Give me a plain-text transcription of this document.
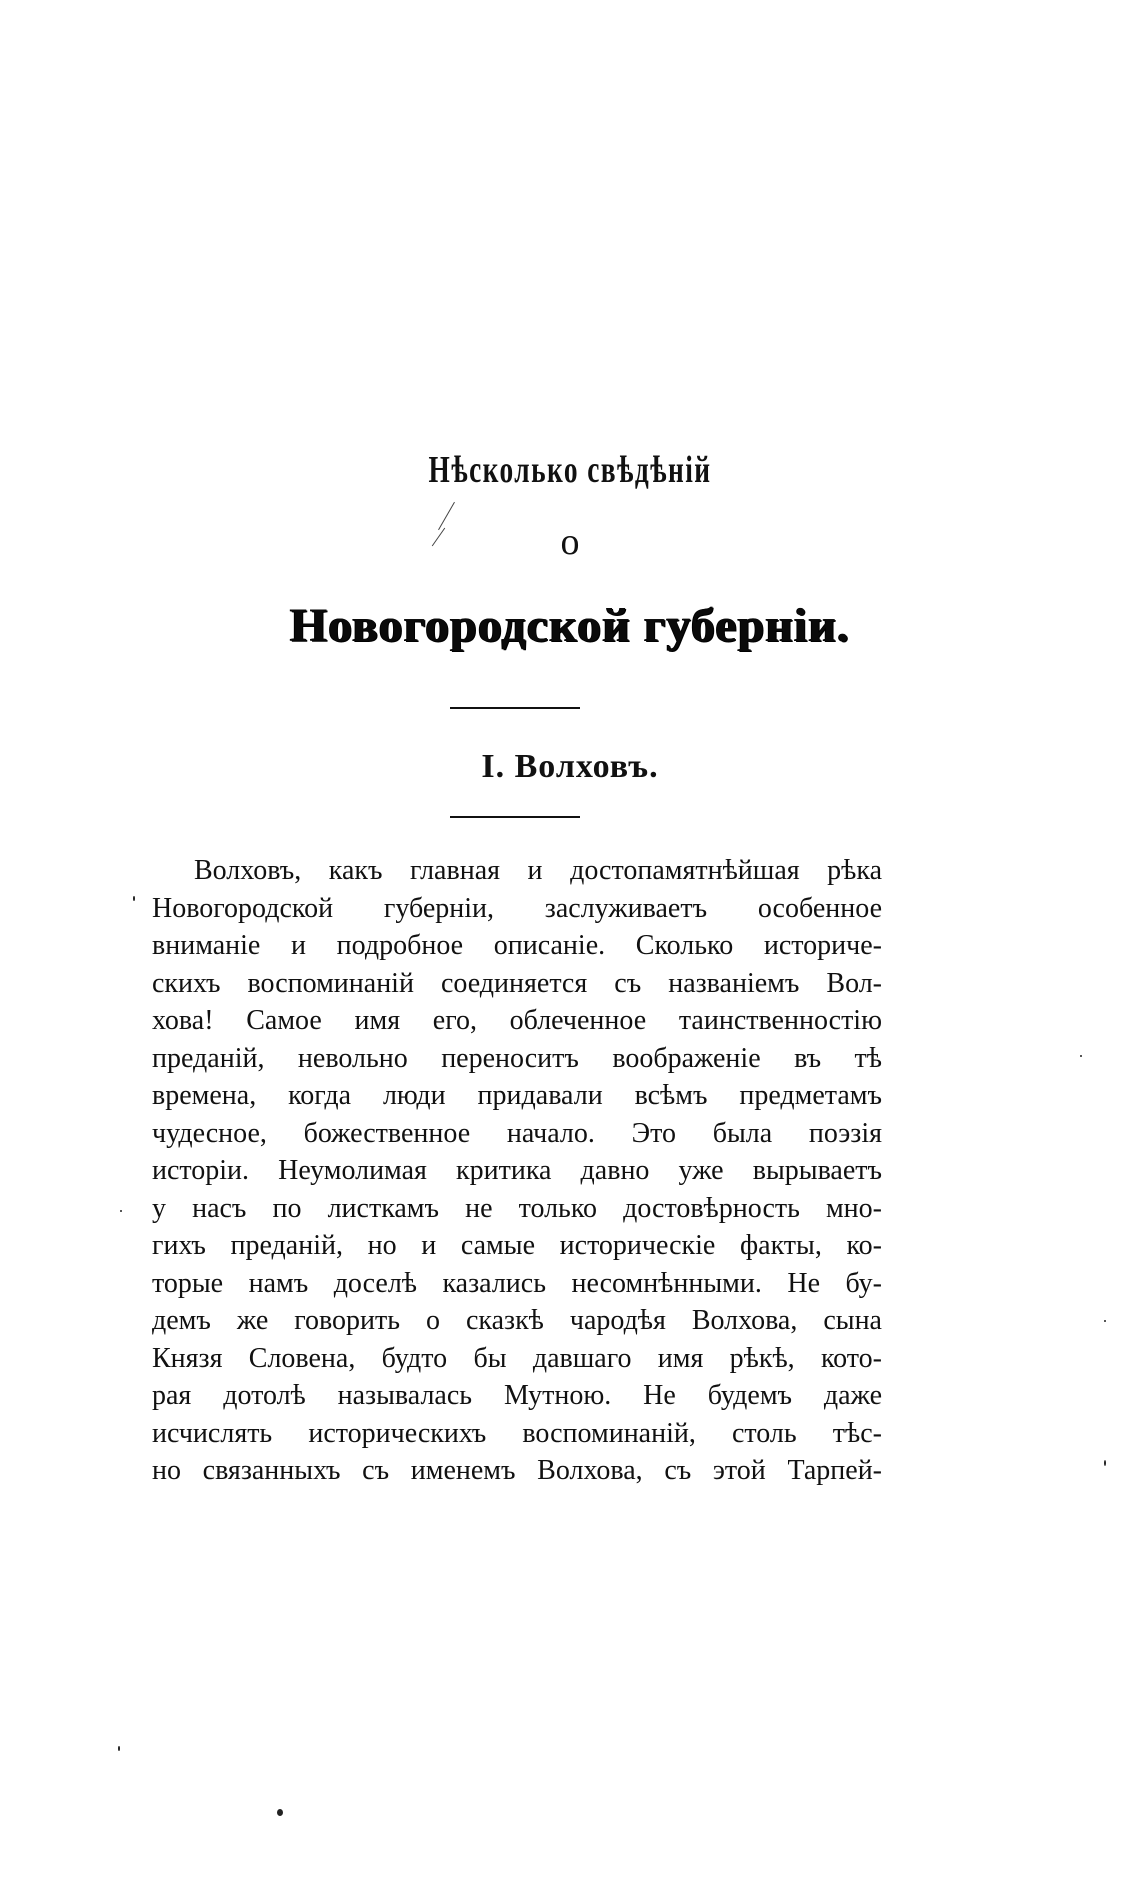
Нѣсколько свѣдѣній
о
Новогородской губерніи.
I. Волховъ.
Волховъ, какъ главная и достопамятнѣйшая рѣка
Новогородской губерніи, заслуживаетъ особенное
вниманіе и подробное описаніе. Сколько историче-
скихъ воспоминаній соединяется съ названіемъ Вол-
хова! Самое имя его, облеченное таинственностію
преданій, невольно переноситъ воображеніе въ тѣ
времена, когда люди придавали всѣмъ предметамъ
чудесное, божественное начало. Это была поэзія
исторіи. Неумолимая критика давно уже вырываетъ
у насъ по листкамъ не только достовѣрность мно-
гихъ преданій, но и самые историческіе факты, ко-
торые намъ доселѣ казались несомнѣнными. Не бу-
демъ же говорить о сказкѣ чародѣя Волхова, сына
Князя Словена, будто бы давшаго имя рѣкѣ, кото-
рая дотолѣ называлась Мутною. Не будемъ даже
исчислять историческихъ воспоминаній, столь тѣс-
но связанныхъ съ именемъ Волхова, съ этой Тарпей-
